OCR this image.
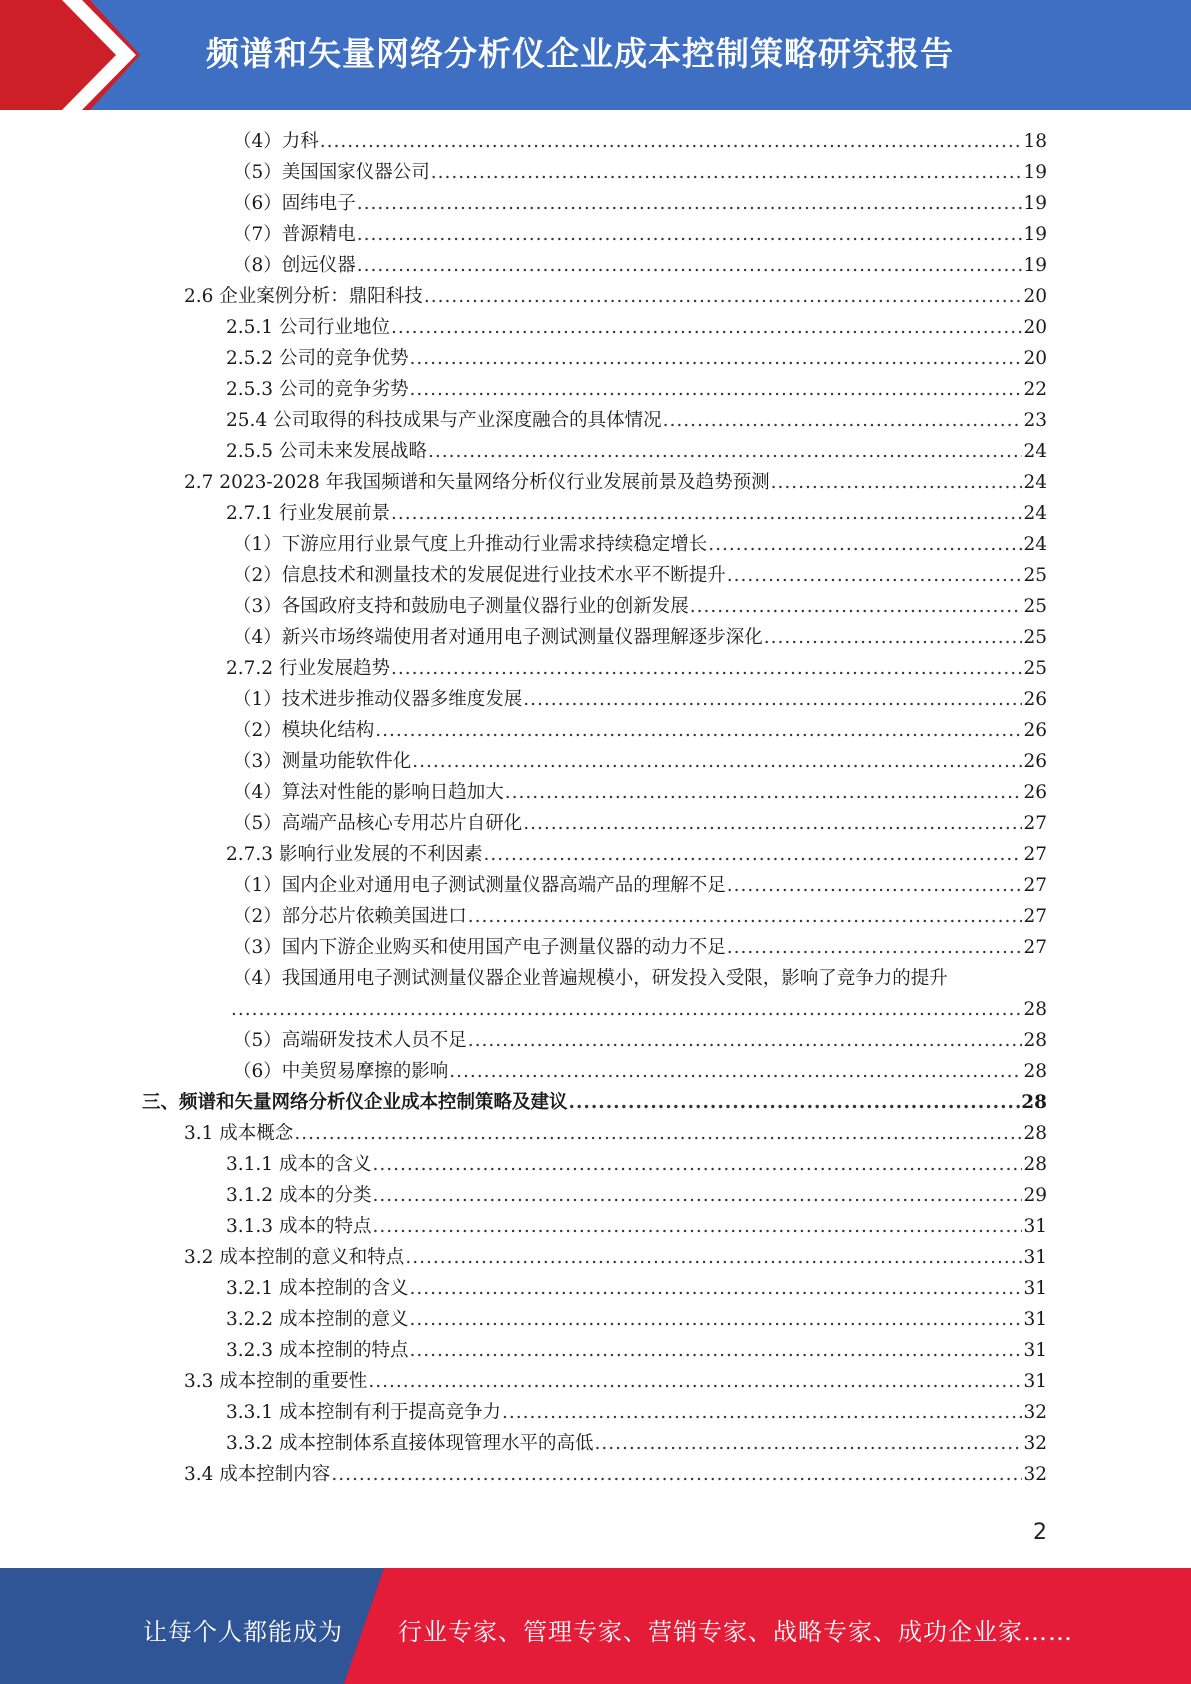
频谱和矢量网络分析仪企业成本控制策略研究报告
（4）力科 .....	18
（5）美国国家仪器公司 .....	19
（6）固纬电子 .....	19
（7）普源精电 .....	19
（8）创远仪器 .....	19
2.6 企业案例分析：鼎阳科技 .....	20
2.5.1 公司行业地位 .....	20
2.5.2 公司的竞争优势 .....	20
2.5.3 公司的竞争劣势 .....	22
25.4 公司取得的科技成果与产业深度融合的具体情况 .....	23
2.5.5 公司未来发展战略 .....	24
2.7 2023-2028 年我国频谱和矢量网络分析仪行业发展前景及趋势预测 .....	24
2.7.1 行业发展前景 .....	24
（1）下游应用行业景气度上升推动行业需求持续稳定增长 .....	24
（2）信息技术和测量技术的发展促进行业技术水平不断提升 .....	25
（3）各国政府支持和鼓励电子测量仪器行业的创新发展 .....	25
（4）新兴市场终端使用者对通用电子测试测量仪器理解逐步深化 .....	25
2.7.2 行业发展趋势 .....	25
（1）技术进步推动仪器多维度发展 .....	26
（2）模块化结构 .....	26
（3）测量功能软件化 .....	26
（4）算法对性能的影响日趋加大 .....	26
（5）高端产品核心专用芯片自研化 .....	27
2.7.3 影响行业发展的不利因素 .....	27
（1）国内企业对通用电子测试测量仪器高端产品的理解不足 .....	27
（2）部分芯片依赖美国进口 .....	27
（3）国内下游企业购买和使用国产电子测量仪器的动力不足 .....	27
（4）我国通用电子测试测量仪器企业普遍规模小，研发投入受限，影响了竞争力的提升
.....
28
（5）高端研发技术人员不足 .....	28
（6）中美贸易摩擦的影响 .....	28
三、频谱和矢量网络分析仪企业成本控制策略及建议 .....	28
3.1 成本概念 .....	28
3.1.1 成本的含义 .....	28
3.1.2 成本的分类 .....	29
3.1.3 成本的特点 .....	31
3.2 成本控制的意义和特点 .....	31
3.2.1 成本控制的含义 .....	31
3.2.2 成本控制的意义 .....	31
3.2.3 成本控制的特点 .....	31
3.3 成本控制的重要性 .....	31
3.3.1 成本控制有利于提高竞争力 .....	32
3.3.2 成本控制体系直接体现管理水平的高低 .....	32
3.4 成本控制内容 .....	32
2
让每个人都能成为 行业专家、管理专家、营销专家、战略专家、成功企业家……
